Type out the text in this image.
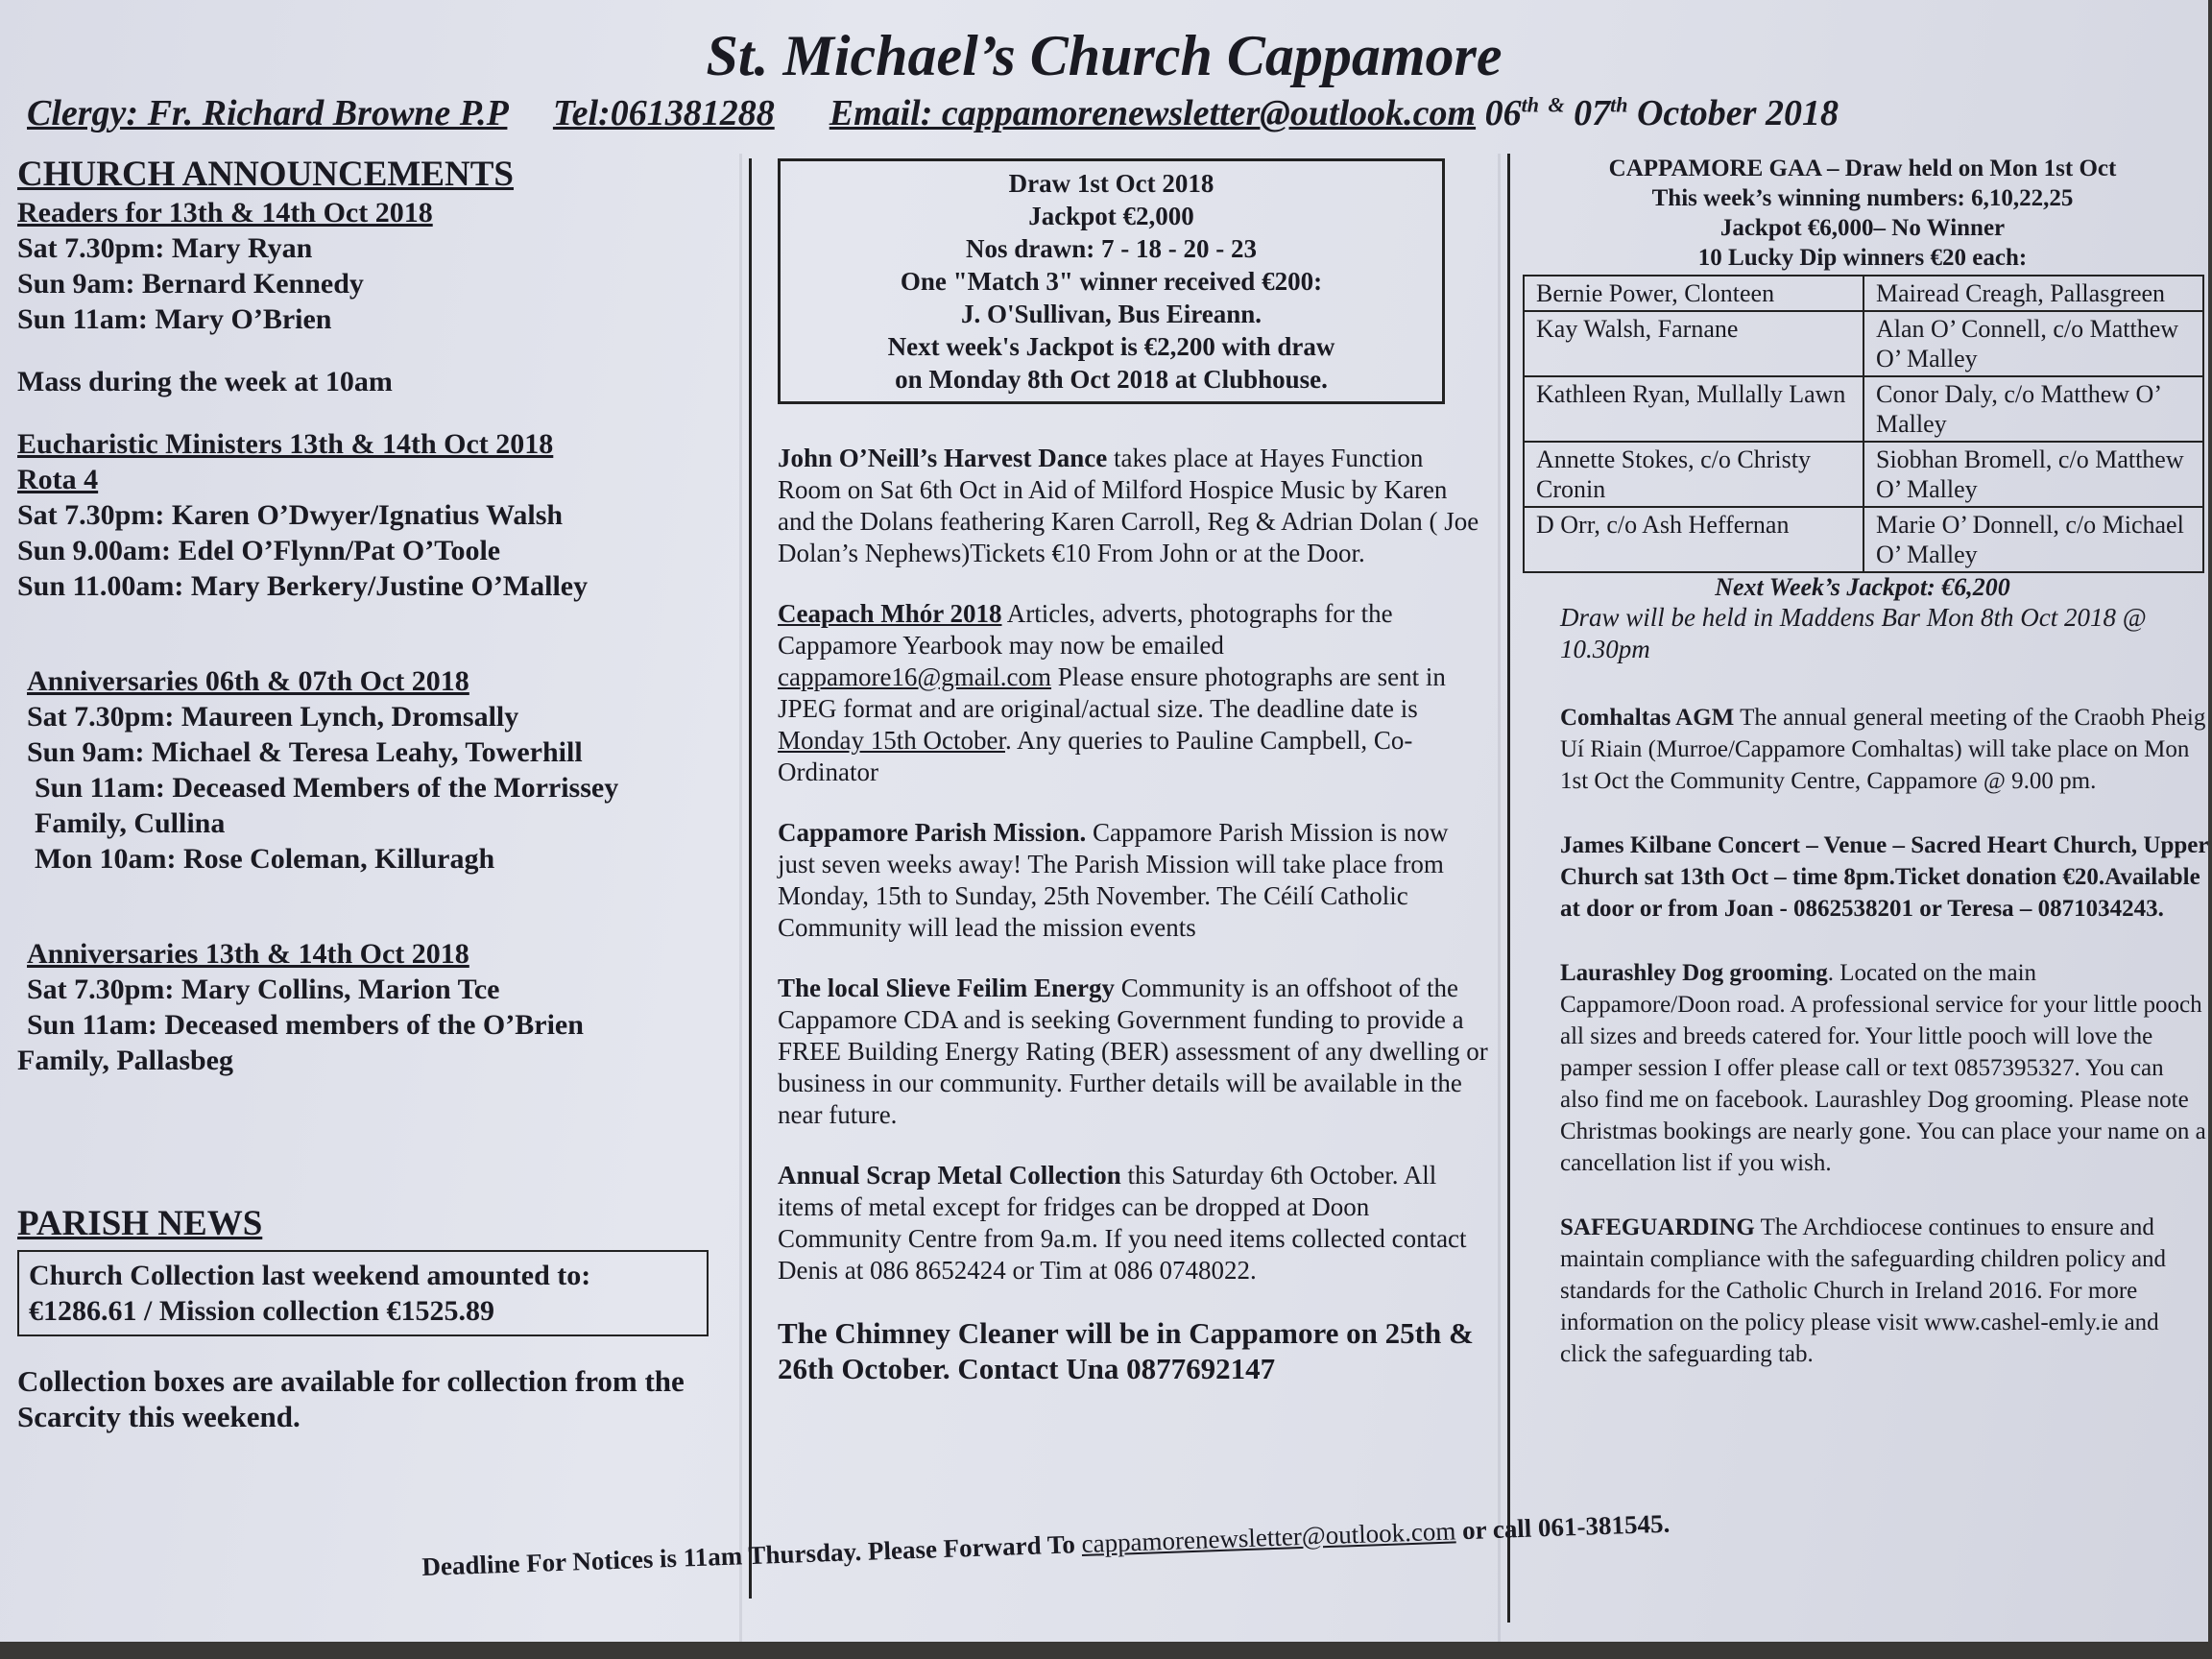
St. Michael’s Church Cappamore
Clergy: Fr. Richard Browne P.P Tel:061381288 Email: cappamorenewsletter@outlook.com 06th & 07th October 2018
CHURCH ANNOUNCEMENTS

Readers for 13th & 14th Oct 2018

Sat 7.30pm: Mary Ryan

Sun 9am: Bernard Kennedy

Sun 11am: Mary O’Brien

Mass during the week at 10am

Eucharistic Ministers 13th & 14th Oct 2018

Rota 4

Sat 7.30pm: Karen O’Dwyer/Ignatius Walsh

Sun 9.00am: Edel O’Flynn/Pat O’Toole

Sun 11.00am: Mary Berkery/Justine O’Malley

Anniversaries 06th & 07th Oct 2018

Sat 7.30pm: Maureen Lynch, Dromsally

Sun 9am: Michael & Teresa Leahy, Towerhill

Sun 11am: Deceased Members of the Morrissey

Family, Cullina

Mon 10am: Rose Coleman, Killuragh

Anniversaries 13th & 14th Oct 2018

Sat 7.30pm: Mary Collins, Marion Tce

Sun 11am: Deceased members of the O’Brien

Family, Pallasbeg

PARISH NEWS

Church Collection last weekend amounted to:

€1286.61 / Mission collection €1525.89

Collection boxes are available for collection from the Scarcity this weekend.

Draw 1st Oct 2018

Jackpot €2,000

Nos drawn: 7 - 18 - 20 - 23

One "Match 3" winner received €200:

J. O'Sullivan, Bus Eireann.

Next week's Jackpot is €2,200 with draw

on Monday 8th Oct 2018 at Clubhouse.

John O’Neill’s Harvest Dance takes place at Hayes Function Room on Sat 6th Oct in Aid of Milford Hospice Music by Karen and the Dolans feathering Karen Carroll, Reg & Adrian Dolan ( Joe Dolan’s Nephews)Tickets €10 From John or at the Door.

Ceapach Mhór 2018 Articles, adverts, photographs for the Cappamore Yearbook may now be emailed cappamore16@gmail.com Please ensure photographs are sent in JPEG format and are original/actual size. The deadline date is Monday 15th October. Any queries to Pauline Campbell, Co-Ordinator

Cappamore Parish Mission. Cappamore Parish Mission is now just seven weeks away! The Parish Mission will take place from Monday, 15th to Sunday, 25th November. The Céilí Catholic Community will lead the mission events

The local Slieve Feilim Energy Community is an offshoot of the Cappamore CDA and is seeking Government funding to provide a FREE Building Energy Rating (BER) assessment of any dwelling or business in our community. Further details will be available in the near future.

Annual Scrap Metal Collection this Saturday 6th October. All items of metal except for fridges can be dropped at Doon Community Centre from 9a.m. If you need items collected contact Denis at 086 8652424 or Tim at 086 0748022.

The Chimney Cleaner will be in Cappamore on 25th & 26th October. Contact Una 0877692147

CAPPAMORE GAA – Draw held on Mon 1st Oct

This week’s winning numbers: 6,10,22,25

Jackpot €6,000– No Winner

10 Lucky Dip winners €20 each:

Bernie Power, Clonteen	Mairead Creagh, Pallasgreen
Kay Walsh, Farnane	Alan O’ Connell, c/o Matthew O’ Malley
Kathleen Ryan, Mullally Lawn	Conor Daly, c/o Matthew O’ Malley
Annette Stokes, c/o Christy Cronin	Siobhan Bromell, c/o Matthew O’ Malley
D Orr, c/o Ash Heffernan	Marie O’ Donnell, c/o Michael O’ Malley

Next Week’s Jackpot: €6,200

Draw will be held in Maddens Bar Mon 8th Oct 2018 @ 10.30pm

Comhaltas AGM The annual general meeting of the Craobh Pheig Uí Riain (Murroe/Cappamore Comhaltas) will take place on Mon 1st Oct the Community Centre, Cappamore @ 9.00 pm.

James Kilbane Concert – Venue – Sacred Heart Church, Upper Church sat 13th Oct – time 8pm.Ticket donation €20.Available at door or from Joan - 0862538201 or Teresa – 0871034243.

Laurashley Dog grooming. Located on the main Cappamore/Doon road. A professional service for your little pooch all sizes and breeds catered for. Your little pooch will love the pamper session I offer please call or text 0857395327. You can also find me on facebook. Laurashley Dog grooming. Please note Christmas bookings are nearly gone. You can place your name on a cancellation list if you wish.

SAFEGUARDING The Archdiocese continues to ensure and maintain compliance with the safeguarding children policy and standards for the Catholic Church in Ireland 2016. For more information on the policy please visit www.cashel-emly.ie and click the safeguarding tab.

Deadline For Notices is 11am Thursday. Please Forward To cappamorenewsletter@outlook.com or call 061-381545.
